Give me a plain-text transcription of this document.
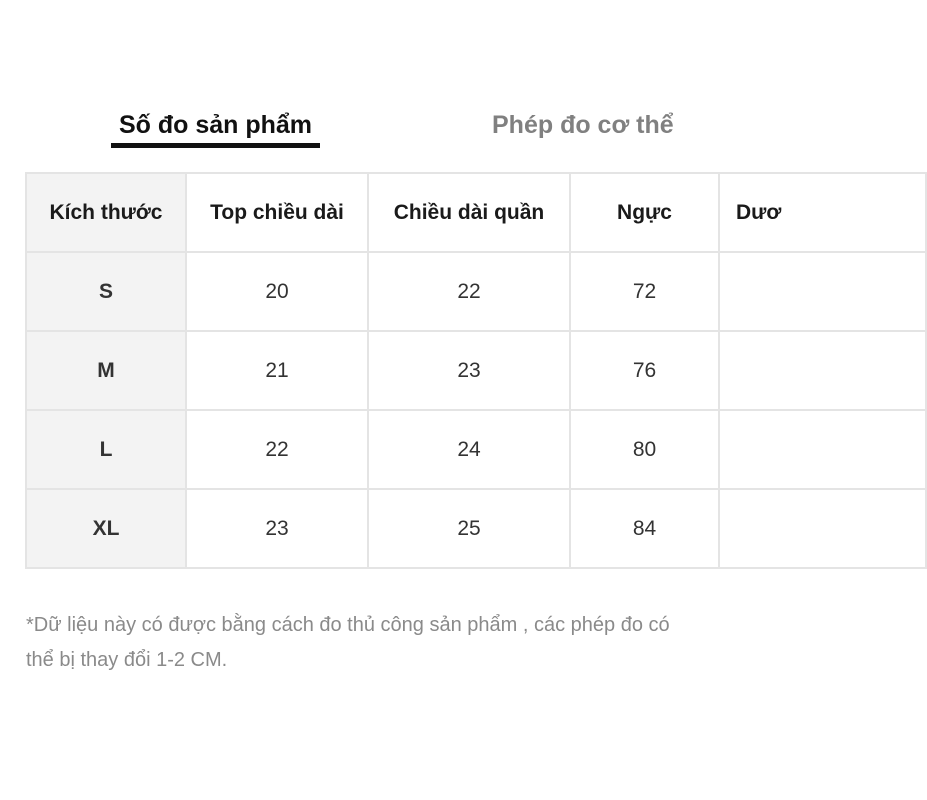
Số đo sản phẩm	Phép đo cơ thể
Kích thước	Top chiều dài	Chiều dài quần	Ngực	Dươ
S	20	22	72	
M	21	23	76	
L	22	24	80	
XL	23	25	84	
*Dữ liệu này có được bằng cách đo thủ công sản phẩm , các phép đo có
thể bị thay đổi 1-2 CM.
